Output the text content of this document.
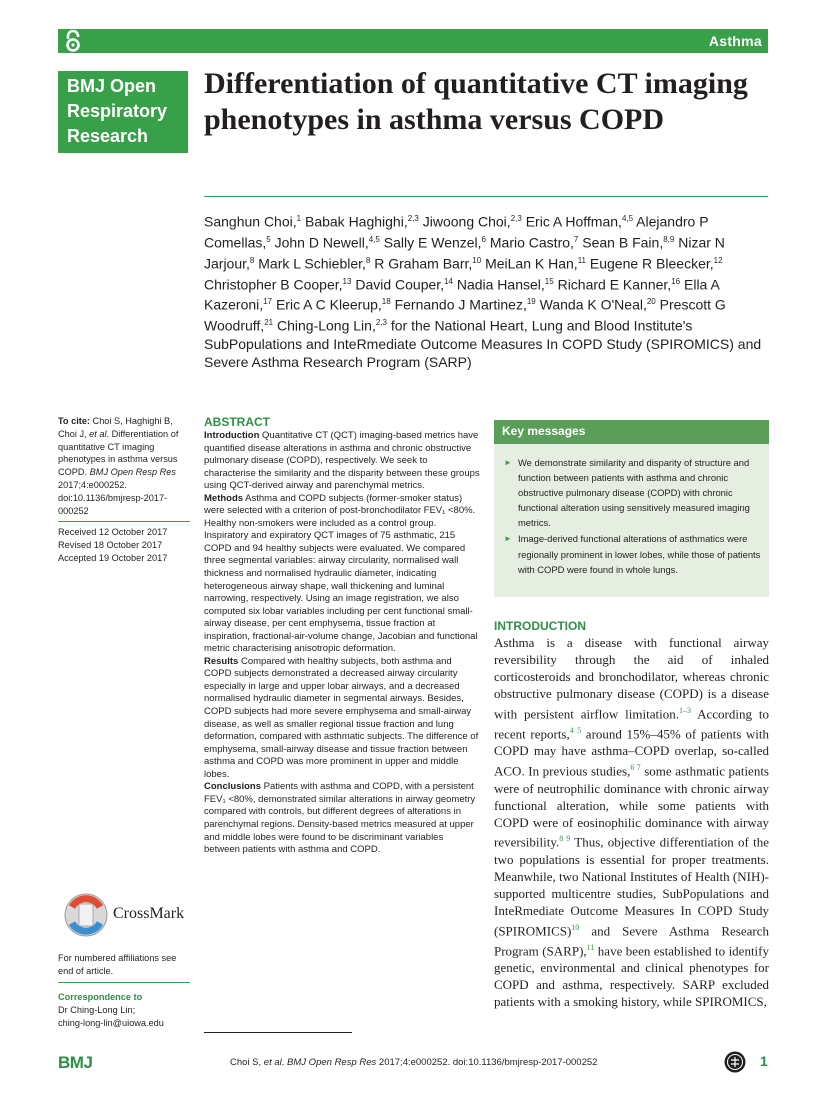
Asthma
BMJ Open
Respiratory
Research
Differentiation of quantitative CT imaging phenotypes in asthma versus COPD
Sanghun Choi,$^1$ Babak Haghighi,$^{2,3}$ Jiwoong Choi,$^{2,3}$ Eric A Hoffman,$^{4,5}$ Alejandro P Comellas,$^5$ John D Newell,$^{4,5}$ Sally E Wenzel,$^6$ Mario Castro,$^7$ Sean B Fain,$^{8,9}$ Nizar N Jarjour,$^8$ Mark L Schiebler,$^8$ R Graham Barr,$^{10}$ MeiLan K Han,$^{11}$ Eugene R Bleecker,$^{12}$ Christopher B Cooper,$^{13}$ David Couper,$^{14}$ Nadia Hansel,$^{15}$ Richard E Kanner,$^{16}$ Ella A Kazeroni,$^{17}$ Eric A C Kleerup,$^{18}$ Fernando J Martinez,$^{19}$ Wanda K O'Neal,$^{20}$ Prescott G Woodruff,$^{21}$ Ching-Long Lin,$^{2,3}$ for the National Heart, Lung and Blood Institute's SubPopulations and InteRmediate Outcome Measures In COPD Study (SPIROMICS) and Severe Asthma Research Program (SARP)
To cite: Choi S, Haghighi B, Choi J, et al. Differentiation of quantitative CT imaging phenotypes in asthma versus COPD. BMJ Open Resp Res 2017;4:e000252. doi:10.1136/bmjresp-2017-000252
Received 12 October 2017
Revised 18 October 2017
Accepted 19 October 2017
CrossMark
For numbered affiliations see end of article.
Correspondence to
Dr Ching-Long Lin;
ching-long-lin@uiowa.edu
ABSTRACT

Introduction Quantitative CT (QCT) imaging-based metrics have quantified disease alterations in asthma and chronic obstructive pulmonary disease (COPD), respectively. We seek to characterise the similarity and the disparity between these groups using QCT-derived airway and parenchymal metrics.

Methods Asthma and COPD subjects (former-smoker status) were selected with a criterion of post-bronchodilator FEV₁ <80%. Healthy non-smokers were included as a control group. Inspiratory and expiratory QCT images of 75 asthmatic, 215 COPD and 94 healthy subjects were evaluated. We compared three segmental variables: airway circularity, normalised wall thickness and normalised hydraulic diameter, indicating heterogeneous airway shape, wall thickening and luminal narrowing, respectively. Using an image registration, we also computed six lobar variables including per cent functional small-airway disease, per cent emphysema, tissue fraction at inspiration, fractional-air-volume change, Jacobian and functional metric characterising anisotropic deformation.

Results Compared with healthy subjects, both asthma and COPD subjects demonstrated a decreased airway circularity especially in large and upper lobar airways, and a decreased normalised hydraulic diameter in segmental airways. Besides, COPD subjects had more severe emphysema and small-airway disease, as well as smaller regional tissue fraction and lung deformation, compared with asthmatic subjects. The difference of emphysema, small-airway disease and tissue fraction between asthma and COPD was more prominent in upper and middle lobes.

Conclusions Patients with asthma and COPD, with a persistent FEV₁ <80%, demonstrated similar alterations in airway geometry compared with controls, but different degrees of alterations in parenchymal regions. Density-based metrics measured at upper and middle lobes were found to be discriminant variables between patients with asthma and COPD.

Key messages
► We demonstrate similarity and disparity of structure and function between patients with asthma and chronic obstructive pulmonary disease (COPD) with chronic functional alteration using sensitively measured imaging metrics.
► Image-derived functional alterations of asthmatics were regionally prominent in lower lobes, while those of patients with COPD were found in whole lungs.
INTRODUCTION

Asthma is a disease with functional airway reversibility through the aid of inhaled corticosteroids and bronchodilator, whereas chronic obstructive pulmonary disease (COPD) is a disease with persistent airflow limitation.$^{1-3}$ According to recent reports,$^{4 5}$ around 15%–45% of patients with COPD may have asthma–COPD overlap, so-called ACO. In previous studies,$^{6 7}$ some asthmatic patients were of neutrophilic dominance with chronic airway functional alteration, while some patients with COPD were of eosinophilic dominance with airway reversibility.$^{8 9}$ Thus, objective differentiation of the two populations is essential for proper treatments. Meanwhile, two National Institutes of Health (NIH)-supported multicentre studies, SubPopulations and InteRmediate Outcome Measures In COPD Study (SPIROMICS)$^{10}$ and Severe Asthma Research Program (SARP),$^{11}$ have been established to identify genetic, environmental and clinical phenotypes for COPD and asthma, respectively. SARP excluded patients with a smoking history, while SPIROMICS,

BMJ	Choi S, et al. BMJ Open Resp Res 2017;4:e000252. doi:10.1136/bmjresp-2017-000252	1
